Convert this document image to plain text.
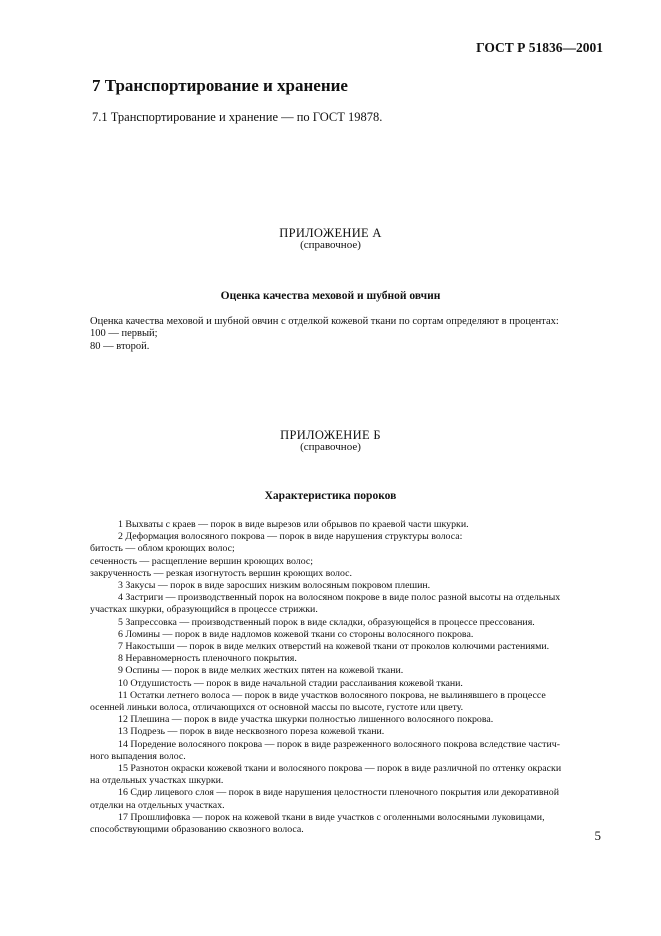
ГОСТ Р 51836—2001
7 Транспортирование и хранение
7.1 Транспортирование и хранение — по ГОСТ 19878.
ПРИЛОЖЕНИЕ А
(справочное)
Оценка качества меховой и шубной овчин
Оценка качества меховой и шубной овчин с отделкой кожевой ткани по сортам определяют в процентах:
100 — первый;
80 — второй.
ПРИЛОЖЕНИЕ Б
(справочное)
Характеристика пороков
1 Выхваты с краев — порок в виде вырезов или обрывов по краевой части шкурки.
2 Деформация волосяного покрова — порок в виде нарушения структуры волоса:
битость — облом кроющих волос;
сеченность — расщепление вершин кроющих волос;
закрученность — резкая изогнутость вершин кроющих волос.
3 Закусы — порок в виде заросших низким волосяным покровом плешин.
4 Застриги — производственный порок на волосяном покрове в виде полос разной высоты на отдельных
участках шкурки, образующийся в процессе стрижки.
5 Запрессовка — производственный порок в виде складки, образующейся в процессе прессования.
6 Ломины — порок в виде надломов кожевой ткани со стороны волосяного покрова.
7 Накостыши — порок в виде мелких отверстий на кожевой ткани от проколов колючими растениями.
8 Неравномерность пленочного покрытия.
9 Оспины — порок в виде мелких жестких пятен на кожевой ткани.
10 Отдушистость — порок в виде начальной стадии расслаивания кожевой ткани.
11 Остатки летнего волоса — порок в виде участков волосяного покрова, не вылинявшего в процессе
осенней линьки волоса, отличающихся от основной массы по высоте, густоте или цвету.
12 Плешина — порок в виде участка шкурки полностью лишенного волосяного покрова.
13 Подрезь — порок в виде несквозного пореза кожевой ткани.
14 Поредение волосяного покрова — порок в виде разреженного волосяного покрова вследствие частич-
ного выпадения волос.
15 Разнотон окраски кожевой ткани и волосяного покрова — порок в виде различной по оттенку окраски
на отдельных участках шкурки.
16 Сдир лицевого слоя — порок в виде нарушения целостности пленочного покрытия или декоративной
отделки на отдельных участках.
17 Прошлифовка — порок на кожевой ткани в виде участков с оголенными волосяными луковицами,
способствующими образованию сквозного волоса.	5
